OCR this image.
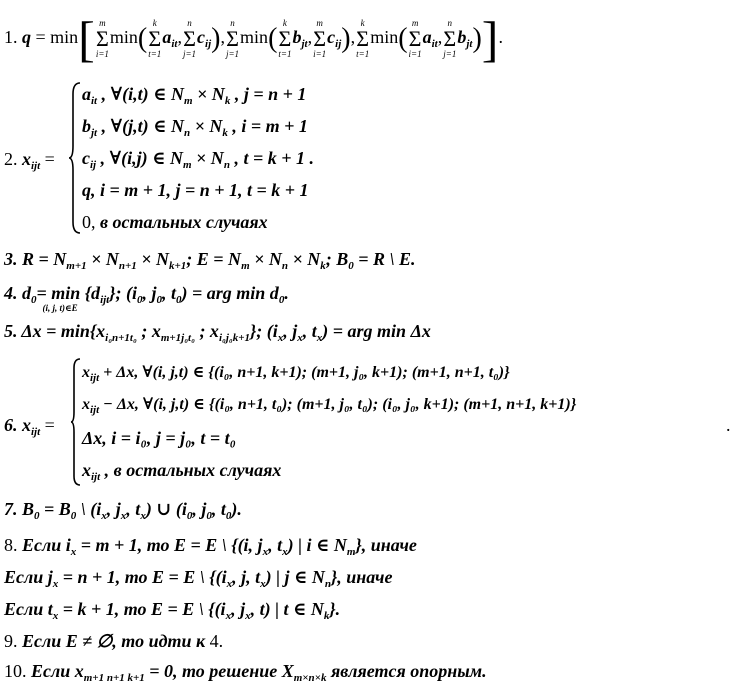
1. q = min[ m
Σ
i=1
min( k
Σ
t=1
$a_{it}$,
n
Σ
j=1
$c_{ij}$),
n
Σ
j=1
min( k
Σ
t=1
$b_{jt}$,
m
Σ
i=1
$c_{ij}$),
k
Σ
t=1
min( m
Σ
i=1
$a_{it}$,
n
Σ
j=1
$b_{jt}$)].
2. $x_{ijt}$ =
$a_{it}$ , ∀(i,t) ∈ $N_m \times N_k$ , j = n + 1
$b_{jt}$ , ∀(j,t) ∈ $N_n \times N_k$ , i = m + 1
$c_{ij}$ , ∀(i,j) ∈ $N_m \times N_n$ , t = k + 1 .
q, i = m + 1, j = n + 1, t = k + 1
0, в остальных случаях
3. $R = N_{m+1} \times N_{n+1} \times N_{k+1}$; $E = N_m \times N_n \times N_k$; $B_0 = R$ \ E.
4. $d_0= \min$
(i, j, t)∈E
$\{d_{ijt}\}$; ($i_0$, $j_0$, $t_0$) = arg $\min d_0$.
5. $\Delta x = \min\{x_{i_0n+1t_0}$ ; $x_{m+1j_0t_0}$ ; $x_{i_0j_0k+1}$}; ($i_x$, $j_x$, $t_x$) = arg min Δx
6. $x_{ijt}$ =
$x_{ijt} + \Delta x$, ∀(i, j,t) ∈ {(i₀, n+1, k+1); (m+1, j₀, k+1); (m+1, n+1, t₀)}
$x_{ijt} - \Delta x$, ∀(i, j,t) ∈ {(i₀, n+1, t₀); (m+1, j₀, t₀); (i₀, j₀, k+1); (m+1, n+1, k+1)}
Δx, i = i₀, j = j₀, t = t₀
$x_{ijt}$ , в остальных случаях
.
7. $B_0 = B_0$ \ ($i_x$, $j_x$, $t_x$) ∪ ($i_0$, $j_0$, $t_0$).
8. Если $i_x = m + 1$, то E = E \ {(i, $j_x$, $t_x$) | i ∈ $N_m$}, иначе
Если $j_x = n + 1$, то E = E \ {($i_x$, j, $t_x$) | j ∈ $N_n$}, иначе
Если $t_x = k + 1$, то E = E \ {($i_x$, $j_x$, t) | t ∈ $N_k$}.
9. Если E ≠ ∅, то идти к 4.
10. Если $x_{m+1 n+1 k+1} = 0$, то решение $X_{m\times n\times k}$ является опорным.
